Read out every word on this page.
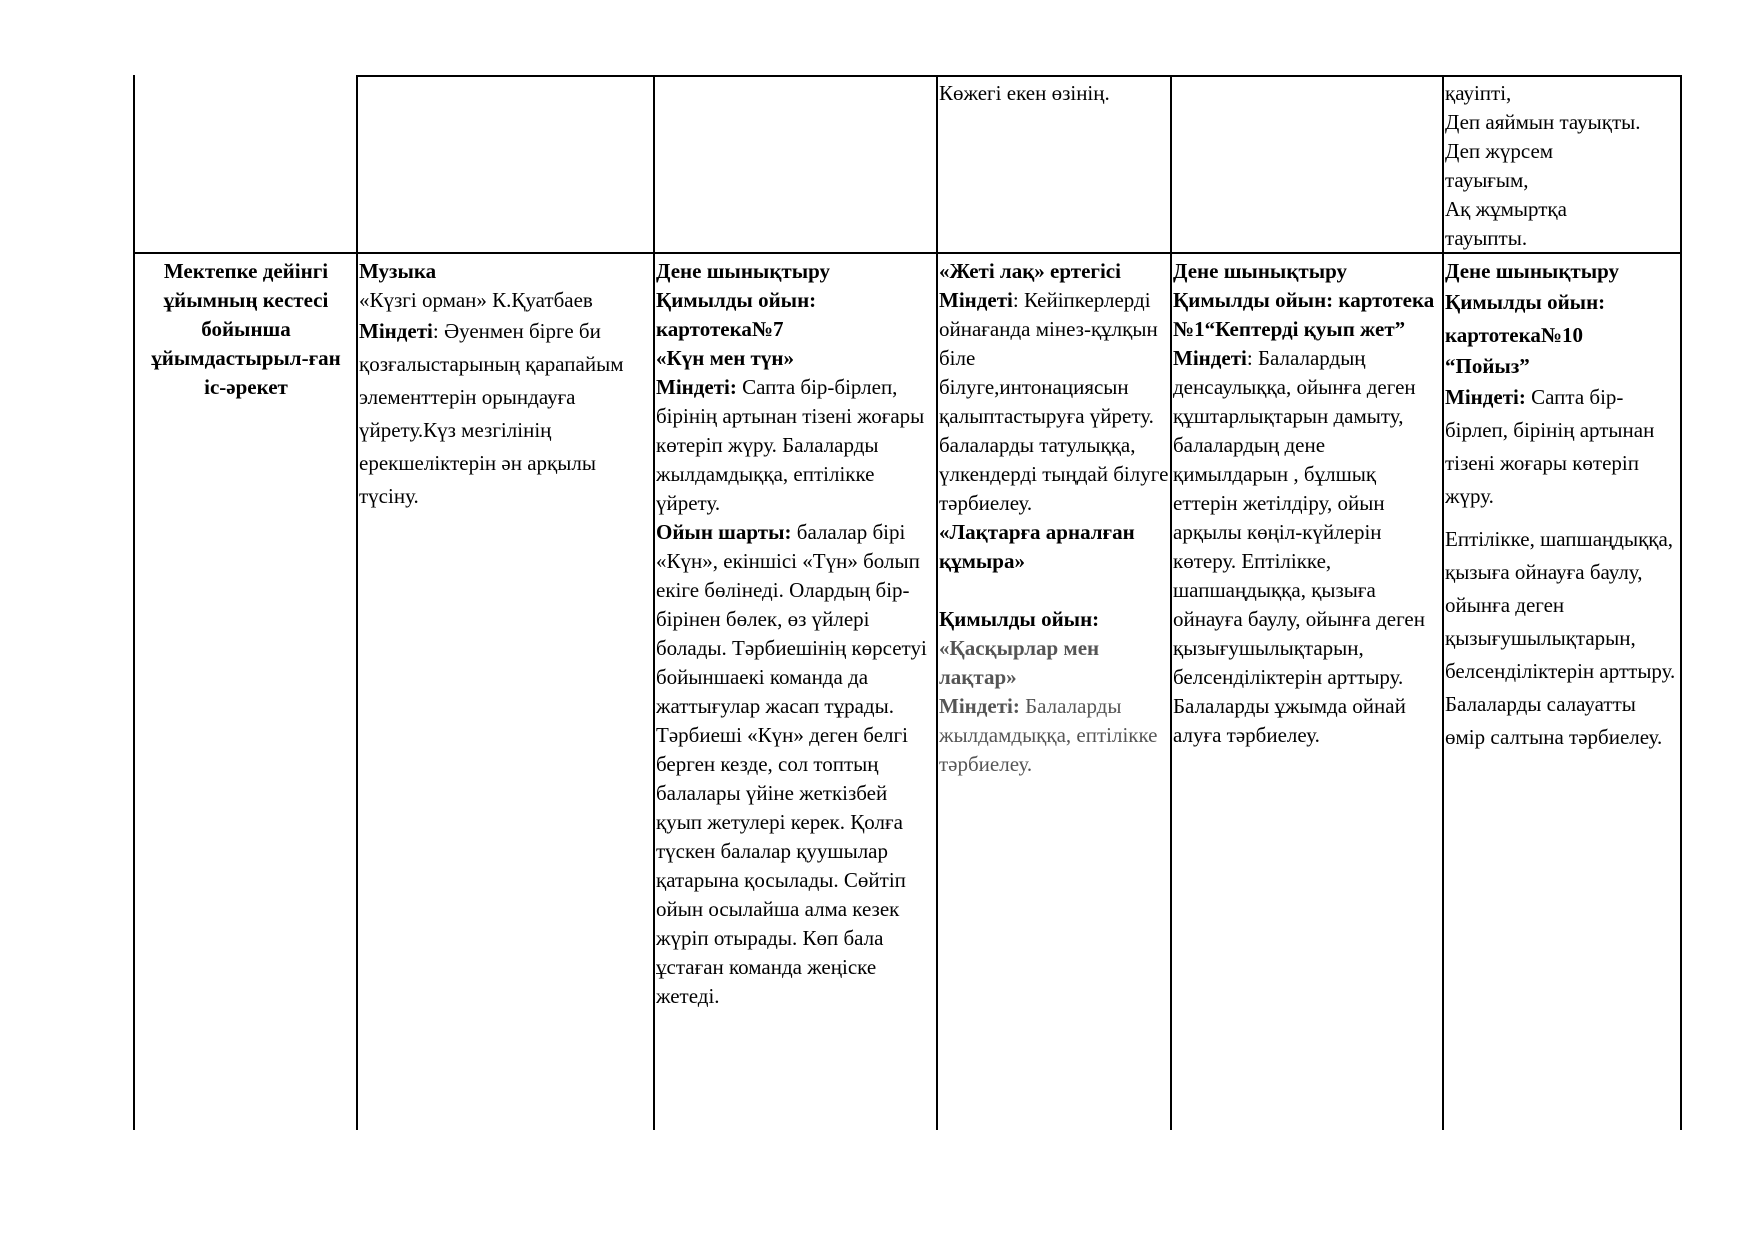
Көжегі екен өзінің.	қауіпті,

Деп аяймын тауықты.

Деп жүрсем

тауығым,

Ақ жұмыртқа

тауыпты.

Мектепке дейінгі ұйымның кестесі бойынша ұйымдастырыл-ған іс-әрекет

Музыка

«Күзгі орман» К.Қуатбаев

Міндеті: Әуенмен бірге би қозғалыстарының қарапайым элементтерін орындауға үйрету.Күз мезгілінің ерекшеліктерін ән арқылы түсіну.

Дене шынықтыру

Қимылды ойын: картотека№7

«Күн мен түн»

Міндеті: Сапта бір-бірлеп, бірінің артынан тізені жоғары көтеріп жүру. Балаларды жылдамдыққа, ептілікке үйрету.

Ойын шарты: балалар бірі «Күн», екіншісі «Түн» болып екіге бөлінеді. Олардың бір-бірінен бөлек, өз үйлері болады. Тәрбиешінің көрсетуі бойыншаекі команда да жаттығулар жасап тұрады. Тәрбиеші «Күн» деген белгі берген кезде, сол топтың балалары үйіне жеткізбей қуып жетулері керек. Қолға түскен балалар қуушылар қатарына қосылады. Сөйтіп ойын осылайша алма кезек жүріп отырады. Көп бала ұстаған команда жеңіске жетеді.

«Жеті лақ» ертегісі

Міндеті: Кейіпкерлерді ойнағанда мінез-құлқын біле білуге,интонациясын қалыптастыруға үйрету.

балаларды татулыққа, үлкендерді тыңдай білуге тәрбиелеу.

«Лақтарға арналған құмыра»

Қимылды ойын:

«Қасқырлар мен лақтар»

Міндеті: Балаларды жылдамдыққа, ептілікке тәрбиелеу.

Дене шынықтыру

Қимылды ойын: картотека

№1“Кептерді қуып жет”

Міндеті: Балалардың денсаулыққа, ойынға деген құштарлықтарын дамыту, балалардың дене қимылдарын , бұлшық еттерін жетілдіру, ойын арқылы көңіл-күйлерін көтеру. Ептілікке, шапшаңдыққа, қызыға ойнауға баулу, ойынға деген қызығушылықтарын, белсенділіктерін арттыру. Балаларды ұжымда ойнай алуға тәрбиелеу.

Дене шынықтыру

Қимылды ойын: картотека№10

“Пойыз”

Міндеті: Сапта бір-бірлеп, бірінің артынан тізені жоғары көтеріп жүру.

Ептілікке, шапшаңдыққа, қызыға ойнауға баулу, ойынға деген қызығушылықтарын, белсенділіктерін арттыру. Балаларды салауатты өмір салтына тәрбиелеу.
